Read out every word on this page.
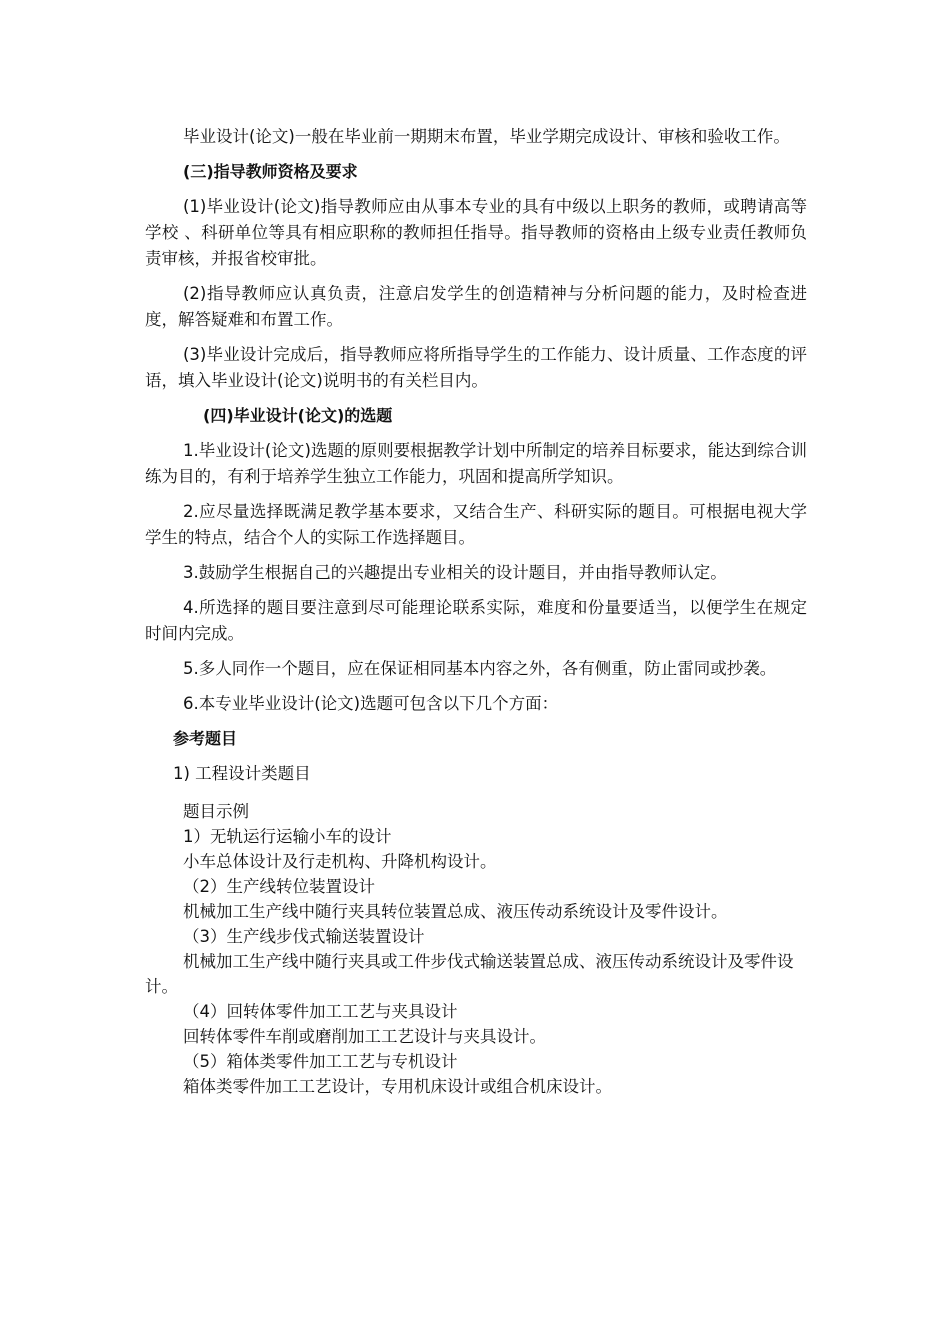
毕业设计(论文)一般在毕业前一期期末布置，毕业学期完成设计、审核和验收工作。

(三)指导教师资格及要求

(1)毕业设计(论文)指导教师应由从事本专业的具有中级以上职务的教师，或聘请高等学校 、科研单位等具有相应职称的教师担任指导。指导教师的资格由上级专业责任教师负责审核，并报省校审批。

(2)指导教师应认真负责，注意启发学生的创造精神与分析问题的能力，及时检查进度，解答疑难和布置工作。

(3)毕业设计完成后，指导教师应将所指导学生的工作能力、设计质量、工作态度的评语，填入毕业设计(论文)说明书的有关栏目内。

(四)毕业设计(论文)的选题

1.毕业设计(论文)选题的原则要根据教学计划中所制定的培养目标要求，能达到综合训练为目的，有利于培养学生独立工作能力，巩固和提高所学知识。

2.应尽量选择既满足教学基本要求，又结合生产、科研实际的题目。可根据电视大学学生的特点，结合个人的实际工作选择题目。

3.鼓励学生根据自己的兴趣提出专业相关的设计题目，并由指导教师认定。

4.所选择的题目要注意到尽可能理论联系实际，难度和份量要适当，以便学生在规定时间内完成。

5.多人同作一个题目，应在保证相同基本内容之外，各有侧重，防止雷同或抄袭。

6.本专业毕业设计(论文)选题可包含以下几个方面：

参考题目

1) 工程设计类题目

题目示例

1）无轨运行运输小车的设计

小车总体设计及行走机构、升降机构设计。

（2）生产线转位装置设计

机械加工生产线中随行夹具转位装置总成、液压传动系统设计及零件设计。

（3）生产线步伐式输送装置设计

机械加工生产线中随行夹具或工件步伐式输送装置总成、液压传动系统设计及零件设计。

（4）回转体零件加工工艺与夹具设计

回转体零件车削或磨削加工工艺设计与夹具设计。

（5）箱体类零件加工工艺与专机设计

箱体类零件加工工艺设计，专用机床设计或组合机床设计。
